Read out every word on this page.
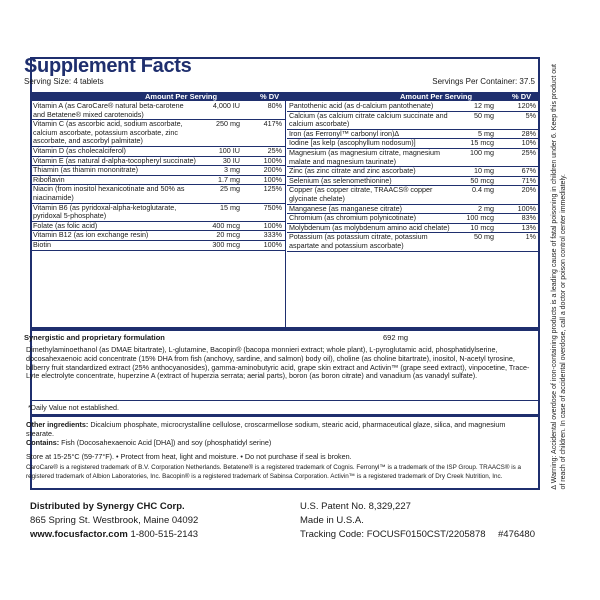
Supplement Facts
Serving Size: 4 tablets	Servings Per Container: 37.5
Amount Per Serving	% DV	Amount Per Serving	% DV
Vitamin A (as CaroCare® natural beta-carotene and Betatene® mixed carotenoids)
4,000 IU	80%
Vitamin C (as ascorbic acid, sodium ascorbate, calcium ascorbate, potassium ascorbate, zinc ascorbate, and ascorbyl palmitate)
250 mg	417%
Vitamin D (as cholecalciferol)	100 IU	25%
Vitamin E (as natural d-alpha-tocopheryl succinate)	30 IU	100%
Thiamin (as thiamin mononitrate)	3 mg	200%
Riboflavin	1.7 mg	100%
Niacin (from inositol hexanicotinate and 50% as niacinamide)
25 mg	125%
Vitamin B6 (as pyridoxal-alpha-ketoglutarate, pyridoxal 5-phosphate)
15 mg	750%
Folate (as folic acid)	400 mcg	100%
Vitamin B12 (as ion exchange resin)	20 mcg	333%
Biotin	300 mcg	100%
Pantothenic acid (as d-calcium pantothenate)	12 mg	120%
Calcium (as calcium citrate calcium succinate and calcium ascorbate)
50 mg	5%
Iron (as Ferronyl™ carbonyl iron)∆	5 mg	28%
Iodine [as kelp (ascophyllum nodosum)]	15 mcg	10%
Magnesium (as magnesium citrate, magnesium malate and magnesium taurinate)
100 mg	25%
Zinc (as zinc citrate and zinc ascorbate)	10 mg	67%
Selenium (as selenomethionine)	50 mcg	71%
Copper (as copper citrate, TRAACS® copper glycinate chelate)
0.4 mg	20%
Manganese (as manganese citrate)	2 mg	100%
Chromium (as chromium polynicotinate)	100 mcg	83%
Molybdenum (as molybdenum amino acid chelate)	10 mcg	13%
Potassium (as potassium citrate, potassium aspartate and potassium ascorbate)
50 mg	1%
Synergistic and proprietary formulation	692 mg
Dimethylaminoethanol (as DMAE bitartrate), L-glutamine, Bacopin® (bacopa monnieri extract; whole plant), L-pyroglutamic acid, phosphatidylserine, docosahexaenoic acid concentrate (15% DHA from fish (anchovy, sardine, and salmon) body oil), choline (as choline bitartrate), inositol, N-acetyl tyrosine, bilberry fruit standardized extract (25% anthocyanosides), gamma-aminobutyric acid, grape skin extract and Activin™ (grape seed extract), vinpocetine, Trace-Lyte electrolyte concentrate, huperzine A (extract of huperzia serrata; aerial parts), boron (as boron citrate) and vanadium (as vanadyl sulfate).
*Daily Value not established.
Other ingredients: Dicalcium phosphate, microcrystalline cellulose, croscarmellose sodium, stearic acid, pharmaceutical glaze, silica, and magnesium stearate.
Contains: Fish (Docosahexaenoic Acid [DHA]) and soy (phosphatidyl serine)
Store at 15-25°C (59-77°F). • Protect from heat, light and moisture. • Do not purchase if seal is broken.
CaroCare® is a registered trademark of B.V. Corporation Netherlands. Betatene® is a registered trademark of Cognis. Ferronyl™ is a trademark of the ISP Group. TRAACS® is a registered trademark of Albion Laboratories, Inc. Bacopin® is a registered trademark of Sabinsa Corporation. Activin™ is a registered trademark of Dry Creek Nutrition, Inc.	∆ Warning: Accidental overdose of iron-containing products is a leading cause of fatal poisoning in children under 6. Keep this product out of reach of children. In case of accidental overdose, call a doctor or poison control center immediately.
Distributed by Synergy CHC Corp.
865 Spring St. Westbrook, Maine 04092
www.focusfactor.com 1-800-515-2143
U.S. Patent No. 8,329,227
Made in U.S.A.
Tracking Code: FOCUSF0150CST/2205878	#476480
